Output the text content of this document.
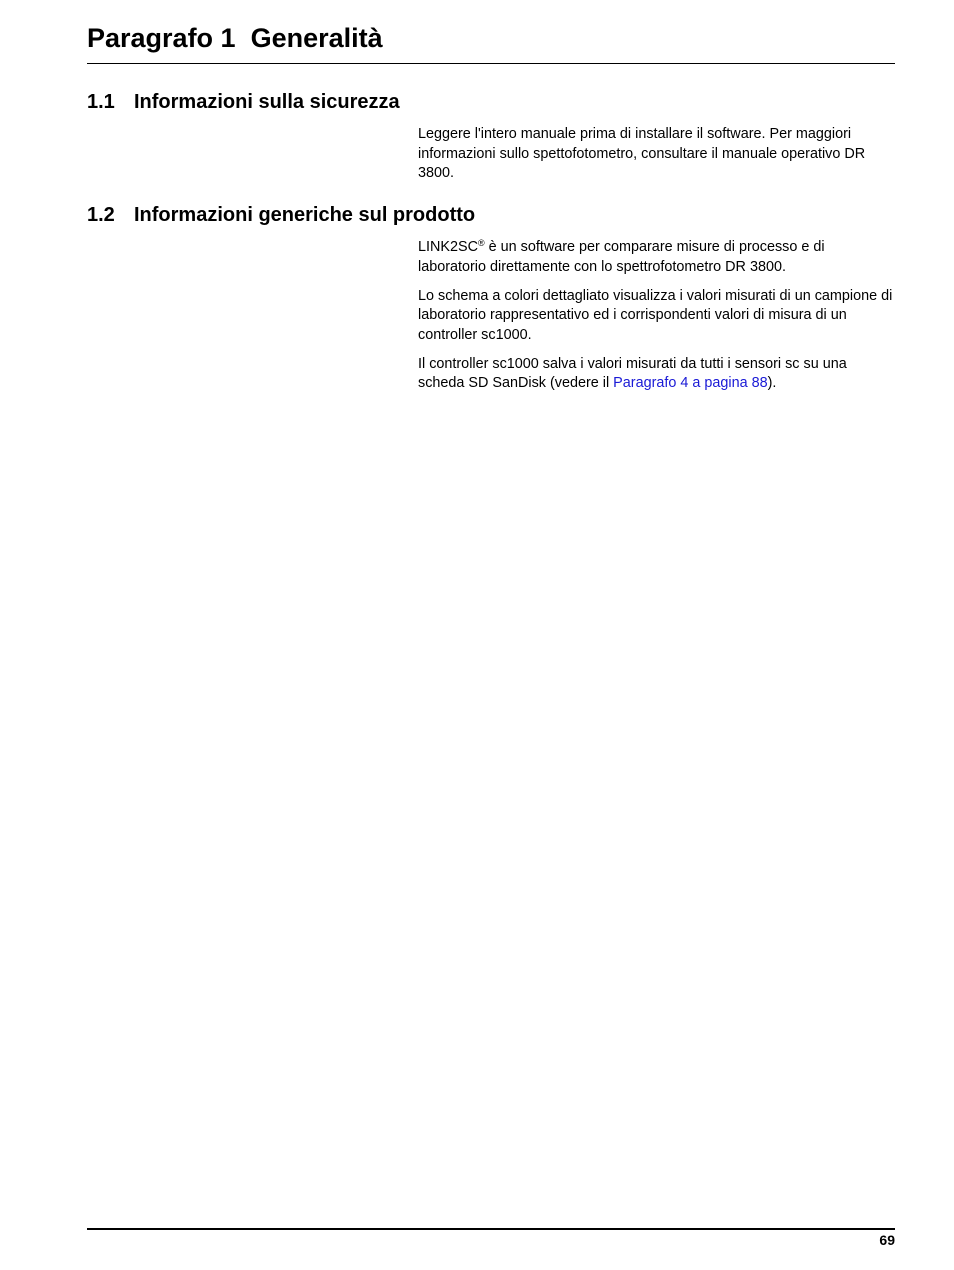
Paragrafo 1  Generalità
1.1 Informazioni sulla sicurezza

Leggere l'intero manuale prima di installare il software. Per maggiori informazioni sullo spettofotometro, consultare il manuale operativo DR 3800.

1.2 Informazioni generiche sul prodotto

LINK2SC® è un software per comparare misure di processo e di laboratorio direttamente con lo spettrofotometro DR 3800.

Lo schema a colori dettagliato visualizza i valori misurati di un campione di laboratorio rappresentativo ed i corrispondenti valori di misura di un controller sc1000.

Il controller sc1000 salva i valori misurati da tutti i sensori sc su una scheda SD SanDisk (vedere il Paragrafo 4 a pagina 88).

69
